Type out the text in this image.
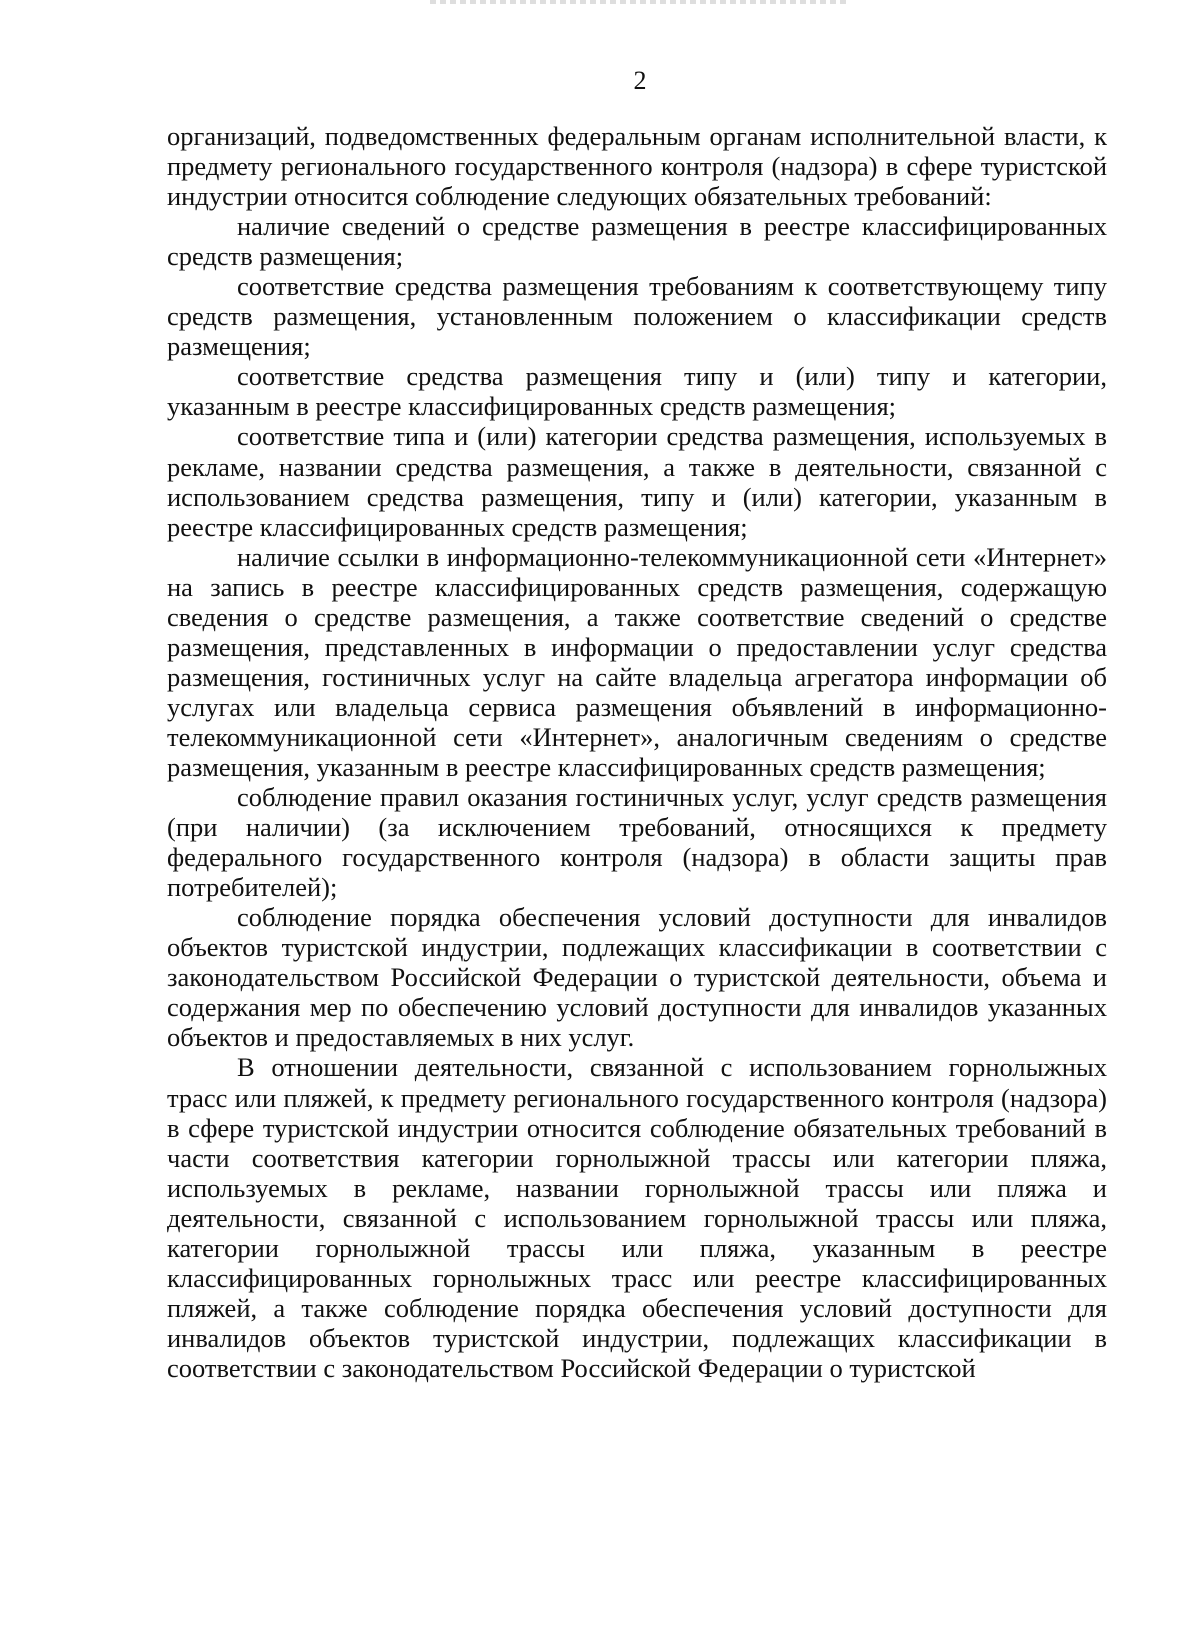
2

организаций, подведомственных федеральным органам исполнительной власти, к предмету регионального государственного контроля (надзора) в сфере туристской индустрии относится соблюдение следующих обязательных требований:

наличие сведений о средстве размещения в реестре классифицированных средств размещения;

соответствие средства размещения требованиям к соответствующему типу средств размещения, установленным положением о классификации средств размещения;

соответствие средства размещения типу и (или) типу и категории, указанным в реестре классифицированных средств размещения;

соответствие типа и (или) категории средства размещения, используемых в рекламе, названии средства размещения, а также в деятельности, связанной с использованием средства размещения, типу и (или) категории, указанным в реестре классифицированных средств размещения;

наличие ссылки в информационно-телекоммуникационной сети «Интернет» на запись в реестре классифицированных средств размещения, содержащую сведения о средстве размещения, а также соответствие сведений о средстве размещения, представленных в информации о предоставлении услуг средства размещения, гостиничных услуг на сайте владельца агрегатора информации об услугах или владельца сервиса размещения объявлений в информационно-телекоммуникационной сети «Интернет», аналогичным сведениям о средстве размещения, указанным в реестре классифицированных средств размещения;

соблюдение правил оказания гостиничных услуг, услуг средств размещения (при наличии) (за исключением требований, относящихся к предмету федерального государственного контроля (надзора) в области защиты прав потребителей);

соблюдение порядка обеспечения условий доступности для инвалидов объектов туристской индустрии, подлежащих классификации в соответствии с законодательством Российской Федерации о туристской деятельности, объема и содержания мер по обеспечению условий доступности для инвалидов указанных объектов и предоставляемых в них услуг.

В отношении деятельности, связанной с использованием горнолыжных трасс или пляжей, к предмету регионального государственного контроля (надзора) в сфере туристской индустрии относится соблюдение обязательных требований в части соответствия категории горнолыжной трассы или категории пляжа, используемых в рекламе, названии горнолыжной трассы или пляжа и деятельности, связанной с использованием горнолыжной трассы или пляжа, категории горнолыжной трассы или пляжа, указанным в реестре классифицированных горнолыжных трасс или реестре классифицированных пляжей, а также соблюдение порядка обеспечения условий доступности для инвалидов объектов туристской индустрии, подлежащих классификации в соответствии с законодательством Российской Федерации о туристской
